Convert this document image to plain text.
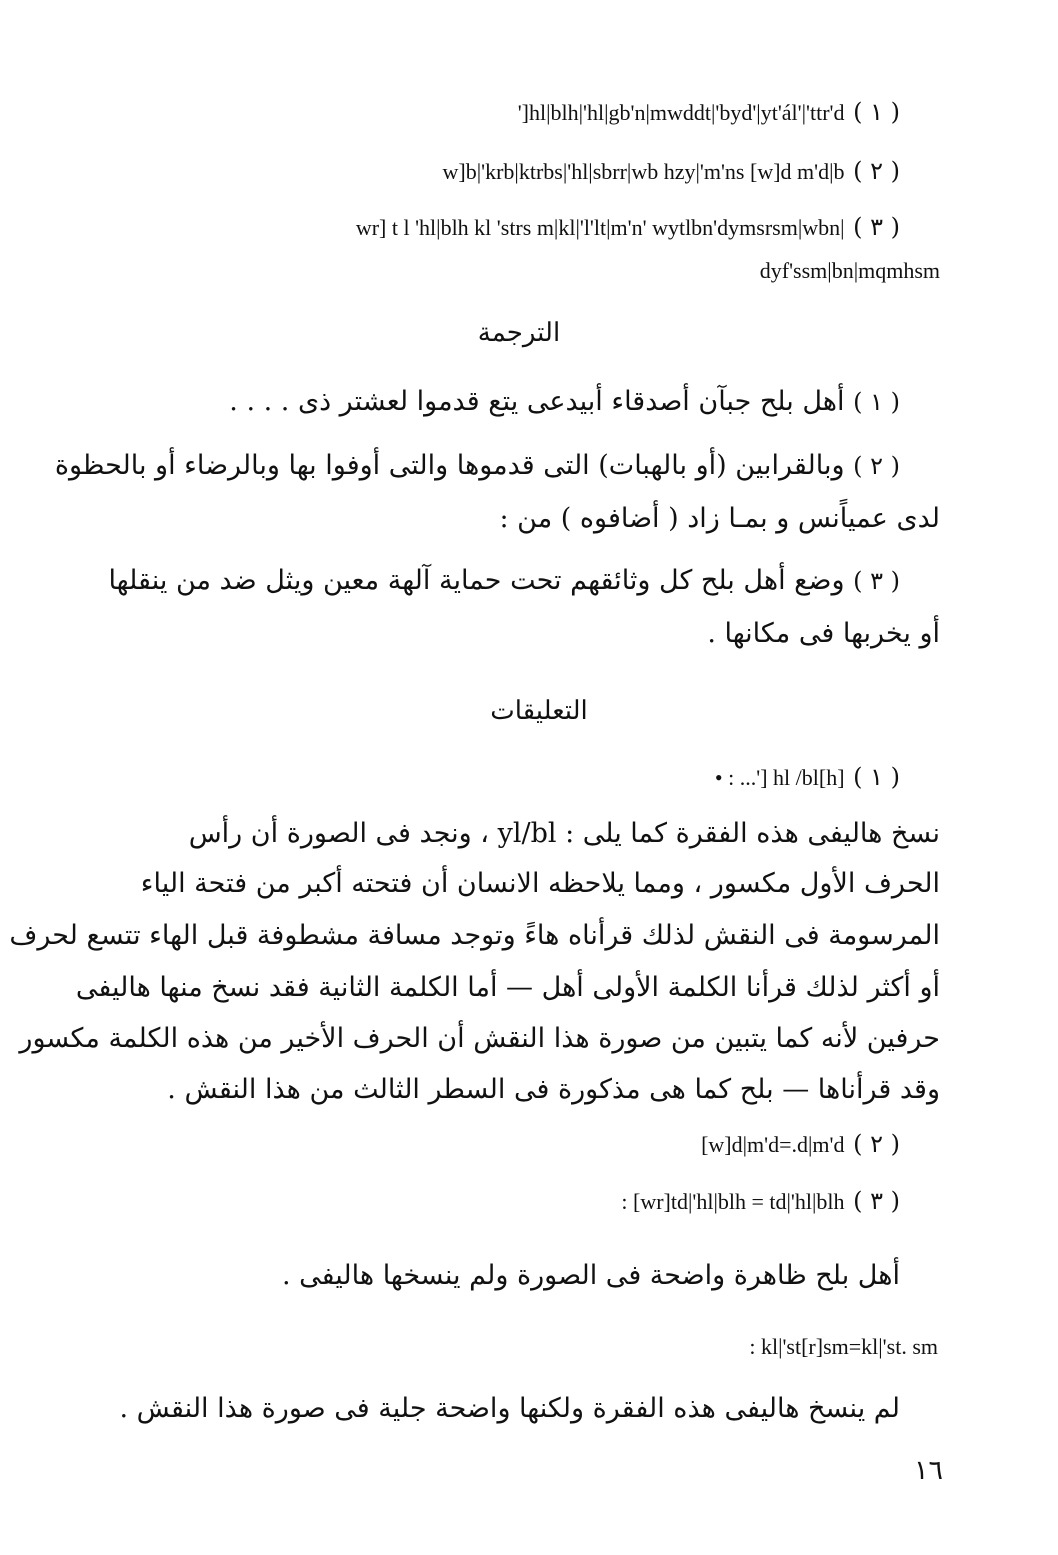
( ١ ) ']hl|blh|'hl|gb'n|mwddt|'byd'|yt'ál'|'ttr'd
( ٢ ) w]b|'krb|ktrbs|'hl|sbrr|wb hzy|'m'ns [w]d m'd|b
( ٣ ) wr] t l 'hl|blh kl 'strs m|kl|'l'lt|m'n' wytlbn'dymsrsm|wbn|
dyf'ssm|bn|mqmhsm
الترجمة
( ١ ) أهل بلح جبآن أصدقاء أبيدعى يتع قدموا لعشتر ذى . . . .
( ٢ ) وبالقرابين (أو بالهبات) التى قدموها والتى أوفوا بها وبالرضاء أو بالحظوة
لدى عمياًنس و بمـا زاد ( أضافوه ) من :
( ٣ ) وضع أهل بلح كل وثائقهم تحت حماية آلهة معين ويثل ضد من ينقلها
أو يخربها فى مكانها .
التعليقات
( ١ ) • : ...'] hl /bl[h]
نسخ هاليفى هذه الفقرة كما يلى : yl/bl ، ونجد فى الصورة أن رأس
الحرف الأول مكسور ، ومما يلاحظه الانسان أن فتحته أكبر من فتحة الياء
المرسومة فى النقش لذلك قرأناه هاءً وتوجد مسافة مشطوفة قبل الهاء تتسع لحرف
أو أكثر لذلك قرأنا الكلمة الأولى أهل — أما الكلمة الثانية فقد نسخ منها هاليفى
حرفين لأنه كما يتبين من صورة هذا النقش أن الحرف الأخير من هذه الكلمة مكسور
وقد قرأناها — بلح كما هى مذكورة فى السطر الثالث من هذا النقش .
( ٢ ) [w]d|m'd=.d|m'd
( ٣ ) : [wr]td|'hl|blh = td|'hl|blh
أهل بلح ظاهرة واضحة فى الصورة ولم ينسخها هاليفى .
: kl|'st[r]sm=kl|'st. sm
لم ينسخ هاليفى هذه الفقرة ولكنها واضحة جلية فى صورة هذا النقش .
١٦
